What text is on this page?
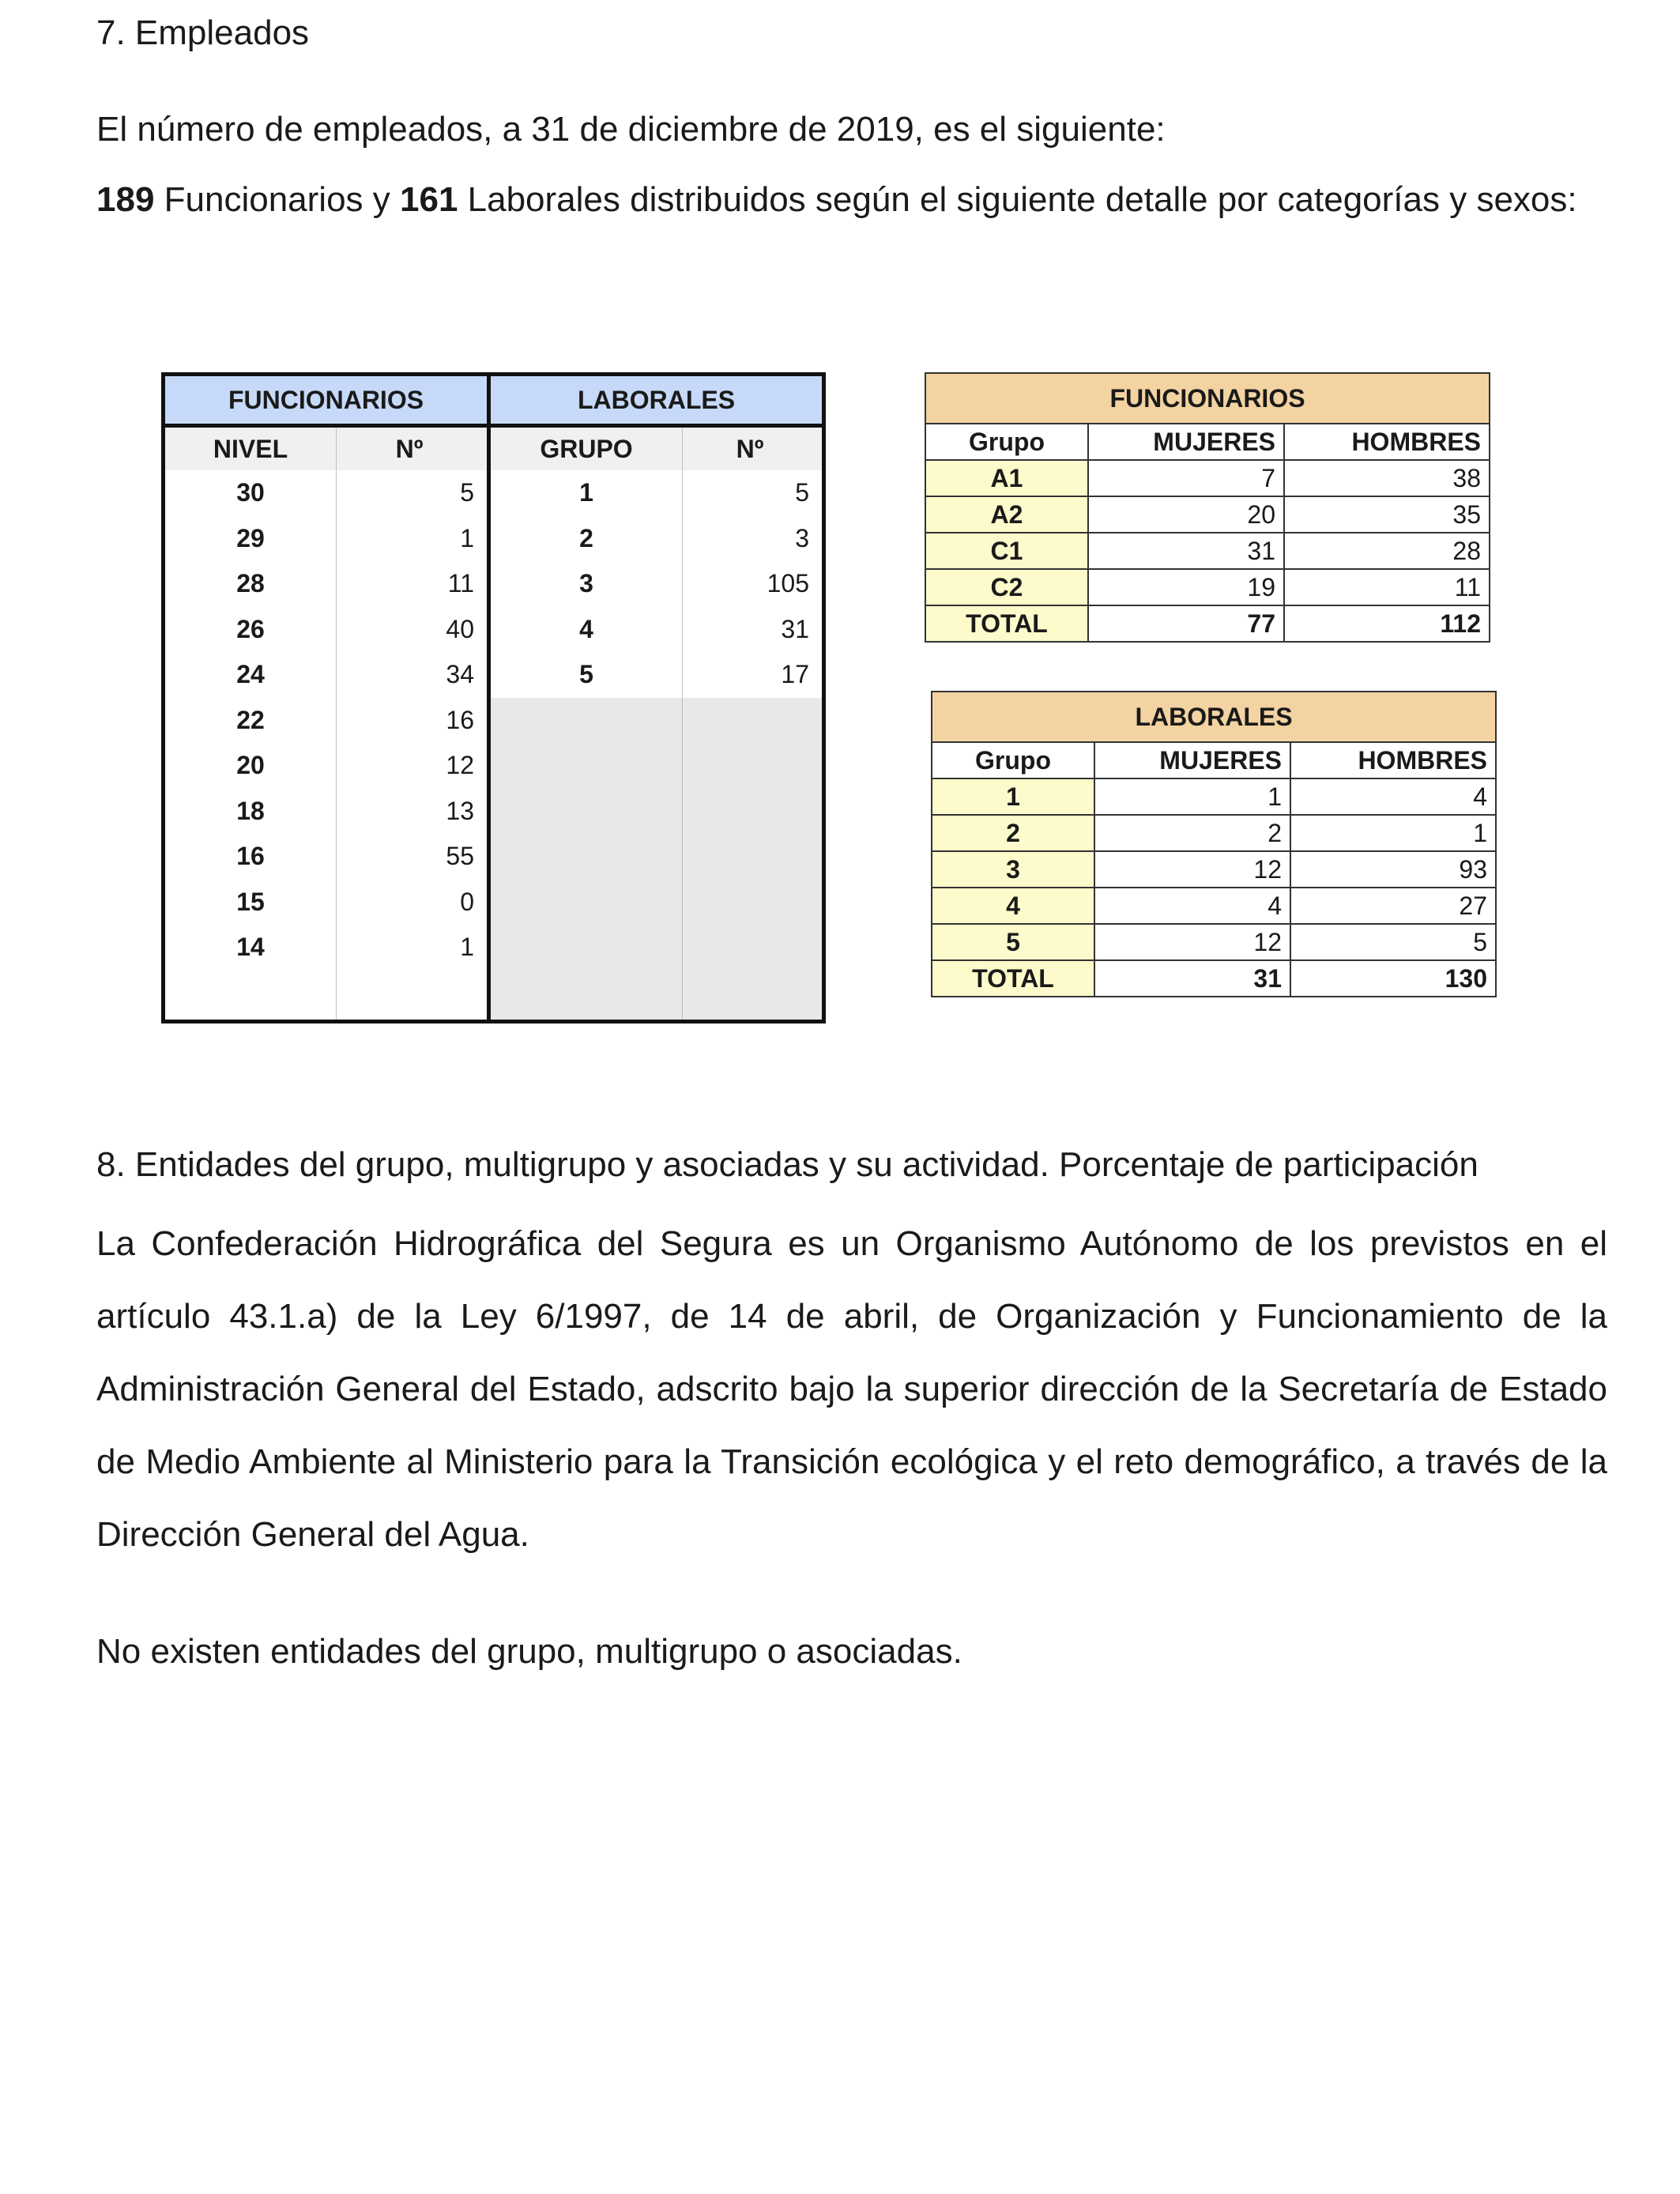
7. Empleados
El número de empleados, a 31 de diciembre de 2019, es el siguiente:
189 Funcionarios y 161 Laborales distribuidos según el siguiente detalle por categorías y sexos:
FUNCIONARIOS		LABORALES	
NIVEL	Nº	GRUPO	Nº
30	5	1	5
29	1	2	3
28	11	3	105
26	40	4	31
24	34	5	17
22	16		
20	12		
18	13		
16	55		
15	0		
14	1		

FUNCIONARIOS		
Grupo	MUJERES	HOMBRES
A1	7	38
A2	20	35
C1	31	28
C2	19	11
TOTAL	77	112
LABORALES		
Grupo	MUJERES	HOMBRES
1	1	4
2	2	1
3	12	93
4	4	27
5	12	5
TOTAL	31	130
8. Entidades del grupo, multigrupo y asociadas y su actividad. Porcentaje de participación
La Confederación Hidrográfica del Segura es un Organismo Autónomo de los previstos en el artículo 43.1.a) de la Ley 6/1997, de 14 de abril, de Organización y Funcionamiento de la Administración General del Estado, adscrito bajo la superior dirección de la Secretaría de Estado de Medio Ambiente al Ministerio para la Transición ecológica y el reto demográfico, a través de la Dirección General del Agua.
No existen entidades del grupo, multigrupo o asociadas.
